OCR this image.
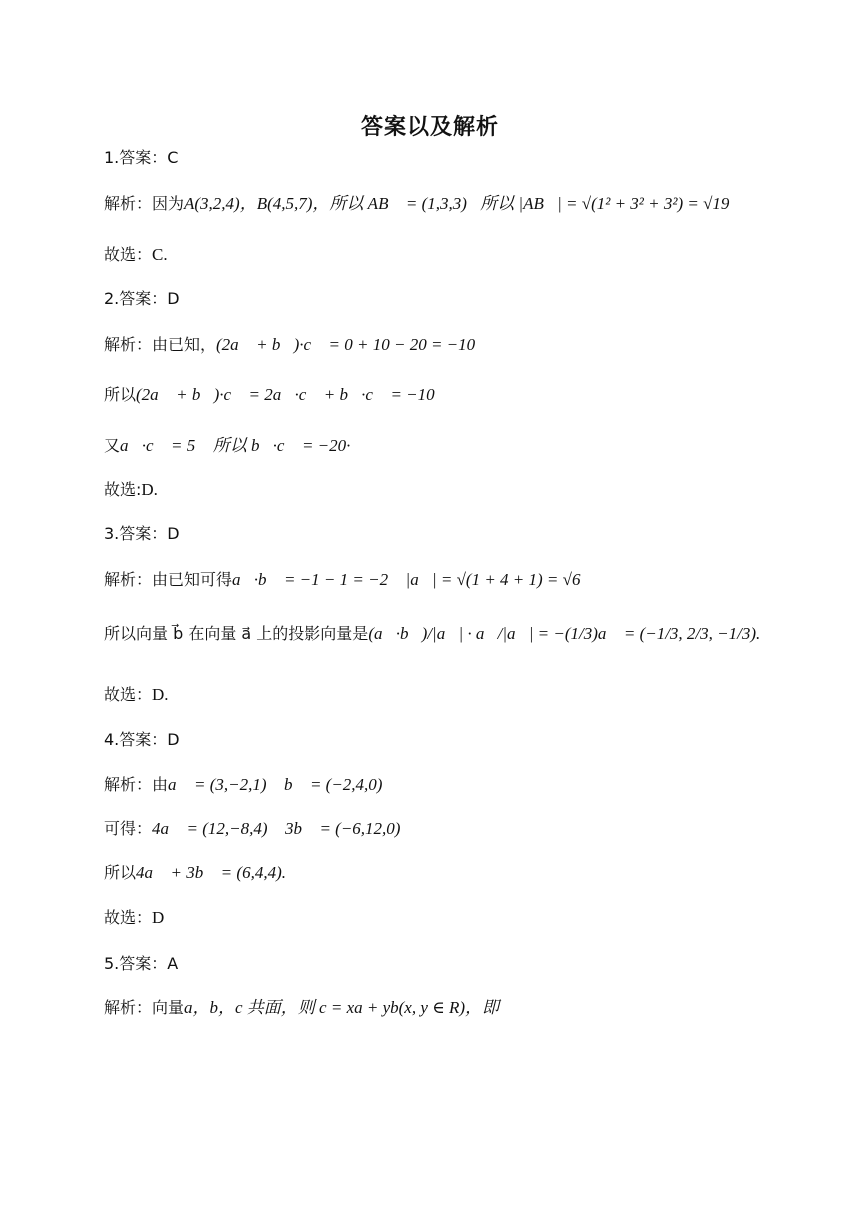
答案以及解析
1.答案：C
解析：因为A(3,2,4)，B(4,5,7)，所以 AB⃗ = (1,3,3)，所以 |AB⃗| = √(1² + 3² + 3²) = √19 ，
故选：C.
2.答案：D
解析：由已知，(2a⃗ + b⃗)·c⃗ = 0 + 10 − 20 = −10 ，
所以(2a⃗ + b⃗)·c⃗ = 2a⃗·c⃗ + b⃗·c⃗ = −10 ，
又a⃗·c⃗ = 5 ，所以 b⃗·c⃗ = −20·
故选:D.
3.答案：D
解析：由已知可得a⃗·b⃗ = −1 − 1 = −2 ，|a⃗| = √(1 + 4 + 1) = √6 ，
所以向量 b⃗ 在向量 a⃗ 上的投影向量是(a⃗·b⃗)/|a⃗| · a⃗/|a⃗| = −(1/3)a⃗ = (−1/3, 2/3, −1/3).
故选：D.
4.答案：D
解析：由a⃗ = (3,−2,1) ，b⃗ = (−2,4,0)
可得：4a⃗ = (12,−8,4) ，3b⃗ = (−6,12,0)
所以4a⃗ + 3b⃗ = (6,4,4).
故选：D
5.答案：A
解析：向量a，b，c 共面，则 c = xa + yb(x, y ∈ R)，即
